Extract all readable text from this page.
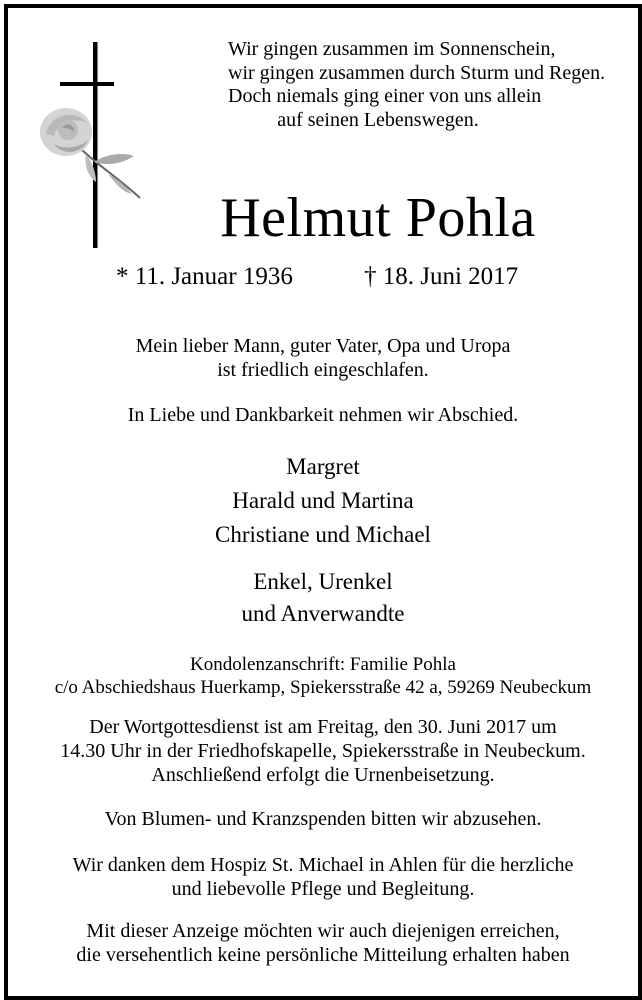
Wir gingen zusammen im Sonnenschein,
wir gingen zusammen durch Sturm und Regen.
Doch niemals ging einer von uns allein
auf seinen Lebenswegen.
Helmut Pohla
* 11. Januar 1936	† 18. Juni 2017
Mein lieber Mann, guter Vater, Opa und Uropa
ist friedlich eingeschlafen.
In Liebe und Dankbarkeit nehmen wir Abschied.
Margret
Harald und Martina
Christiane und Michael
Enkel, Urenkel
und Anverwandte
Kondolenzanschrift: Familie Pohla
c/o Abschiedshaus Huerkamp, Spiekersstraße 42 a, 59269 Neubeckum
Der Wortgottesdienst ist am Freitag, den 30. Juni 2017 um
14.30 Uhr in der Friedhofskapelle, Spiekersstraße in Neubeckum.
Anschließend erfolgt die Urnenbeisetzung.
Von Blumen- und Kranzspenden bitten wir abzusehen.
Wir danken dem Hospiz St. Michael in Ahlen für die herzliche
und liebevolle Pflege und Begleitung.
Mit dieser Anzeige möchten wir auch diejenigen erreichen,
die versehentlich keine persönliche Mitteilung erhalten haben
